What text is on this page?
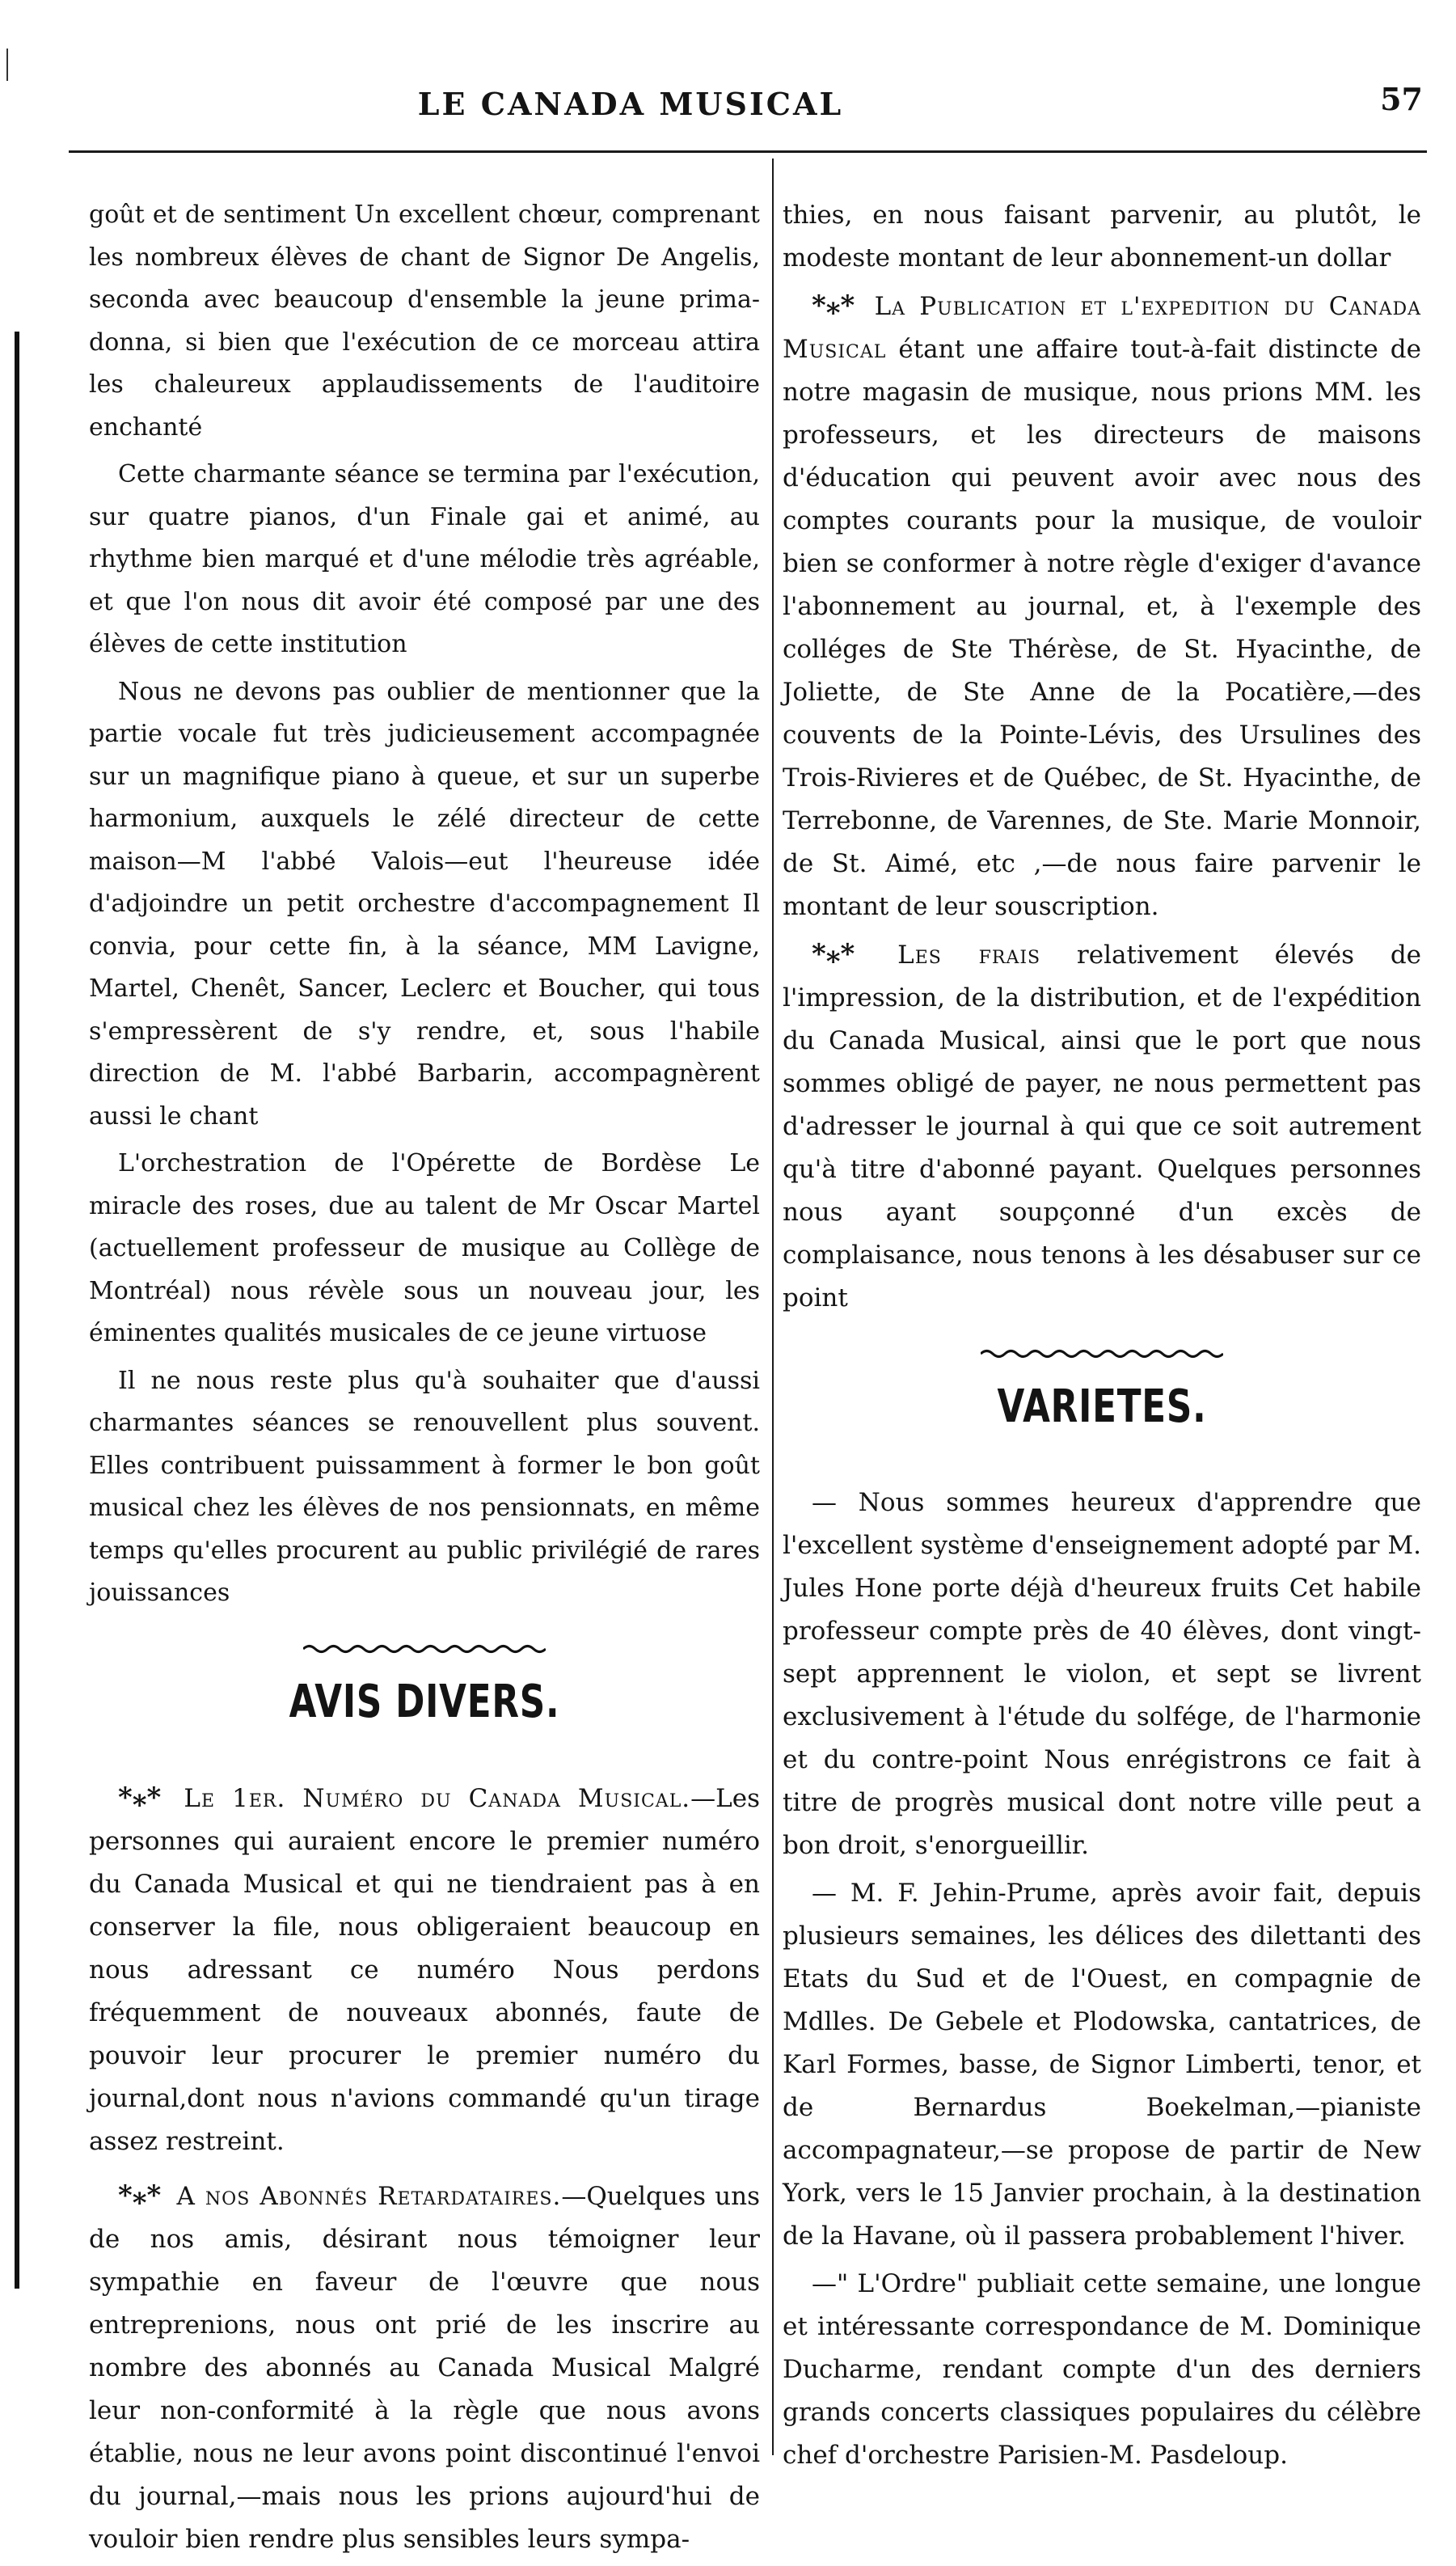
LE CANADA MUSICAL	57

goût et de sentiment Un excellent chœur, comprenant les nombreux élèves de chant de Signor De Angelis, seconda avec beaucoup d'ensemble la jeune prima-donna, si bien que l'exécution de ce morceau attira les chaleureux applaudissements de l'auditoire enchanté

Cette charmante séance se termina par l'exécution, sur quatre pianos, d'un Finale gai et animé, au rhythme bien marqué et d'une mélodie très agréable, et que l'on nous dit avoir été composé par une des élèves de cette institution

Nous ne devons pas oublier de mentionner que la partie vocale fut très judicieusement accompagnée sur un magnifique piano à queue, et sur un superbe harmonium, auxquels le zélé directeur de cette maison—M l'abbé Valois—eut l'heureuse idée d'adjoindre un petit orchestre d'accompagnement Il convia, pour cette fin, à la séance, MM Lavigne, Martel, Chenêt, Sancer, Leclerc et Boucher, qui tous s'empressèrent de s'y rendre, et, sous l'habile direction de M. l'abbé Barbarin, accompagnèrent aussi le chant

L'orchestration de l'Opérette de Bordèse Le miracle des roses, due au talent de Mr Oscar Martel (actuellement professeur de musique au Collège de Montréal) nous révèle sous un nouveau jour, les éminentes qualités musicales de ce jeune virtuose

Il ne nous reste plus qu'à souhaiter que d'aussi charmantes séances se renouvellent plus souvent. Elles contribuent puissamment à former le bon goût musical chez les élèves de nos pensionnats, en même temps qu'elles procurent au public privilégié de rares jouissances

AVIS DIVERS.

*⁎* Le 1er. Numéro du Canada Musical.—Les personnes qui auraient encore le premier numéro du Canada Musical et qui ne tiendraient pas à en conserver la file, nous obligeraient beaucoup en nous adressant ce numéro Nous perdons fréquemment de nouveaux abonnés, faute de pouvoir leur procurer le premier numéro du journal,dont nous n'avions commandé qu'un tirage assez restreint.

*⁎* A nos Abonnés Retardataires.—Quelques uns de nos amis, désirant nous témoigner leur sympathie en faveur de l'œuvre que nous entreprenions, nous ont prié de les inscrire au nombre des abonnés au Canada Musical Malgré leur non-conformité à la règle que nous avons établie, nous ne leur avons point discontinué l'envoi du journal,—mais nous les prions aujourd'hui de vouloir bien rendre plus sensibles leurs sympa-

thies, en nous faisant parvenir, au plutôt, le modeste montant de leur abonnement-un dollar

*⁎* La Publication et l'expedition du Canada Musical étant une affaire tout-à-fait distincte de notre magasin de musique, nous prions MM. les professeurs, et les directeurs de maisons d'éducation qui peuvent avoir avec nous des comptes courants pour la musique, de vouloir bien se conformer à notre règle d'exiger d'avance l'abonnement au journal, et, à l'exemple des colléges de Ste Thérèse, de St. Hyacinthe, de Joliette, de Ste Anne de la Pocatière,—des couvents de la Pointe-Lévis, des Ursulines des Trois-Rivieres et de Québec, de St. Hyacinthe, de Terrebonne, de Varennes, de Ste. Marie Monnoir, de St. Aimé, etc ,—de nous faire parvenir le montant de leur souscription.

*⁎* Les frais relativement élevés de l'impression, de la distribution, et de l'expédition du Canada Musical, ainsi que le port que nous sommes obligé de payer, ne nous permettent pas d'adresser le journal à qui que ce soit autrement qu'à titre d'abonné payant. Quelques personnes nous ayant soupçonné d'un excès de complaisance, nous tenons à les désabuser sur ce point

VARIETES.

— Nous sommes heureux d'apprendre que l'excellent système d'enseignement adopté par M. Jules Hone porte déjà d'heureux fruits Cet habile professeur compte près de 40 élèves, dont vingt-sept apprennent le violon, et sept se livrent exclusivement à l'étude du solfége, de l'harmonie et du contre-point Nous enrégistrons ce fait à titre de progrès musical dont notre ville peut a bon droit, s'enorgueillir.

— M. F. Jehin-Prume, après avoir fait, depuis plusieurs semaines, les délices des dilettanti des Etats du Sud et de l'Ouest, en compagnie de Mdlles. De Gebele et Plodowska, cantatrices, de Karl Formes, basse, de Signor Limberti, tenor, et de Bernardus Boekelman,—pianiste accompagnateur,—se propose de partir de New York, vers le 15 Janvier prochain, à la destination de la Havane, où il passera probablement l'hiver.

—" L'Ordre" publiait cette semaine, une longue et intéressante correspondance de M. Dominique Ducharme, rendant compte d'un des derniers grands concerts classiques populaires du célèbre chef d'orchestre Parisien-M. Pasdeloup.
